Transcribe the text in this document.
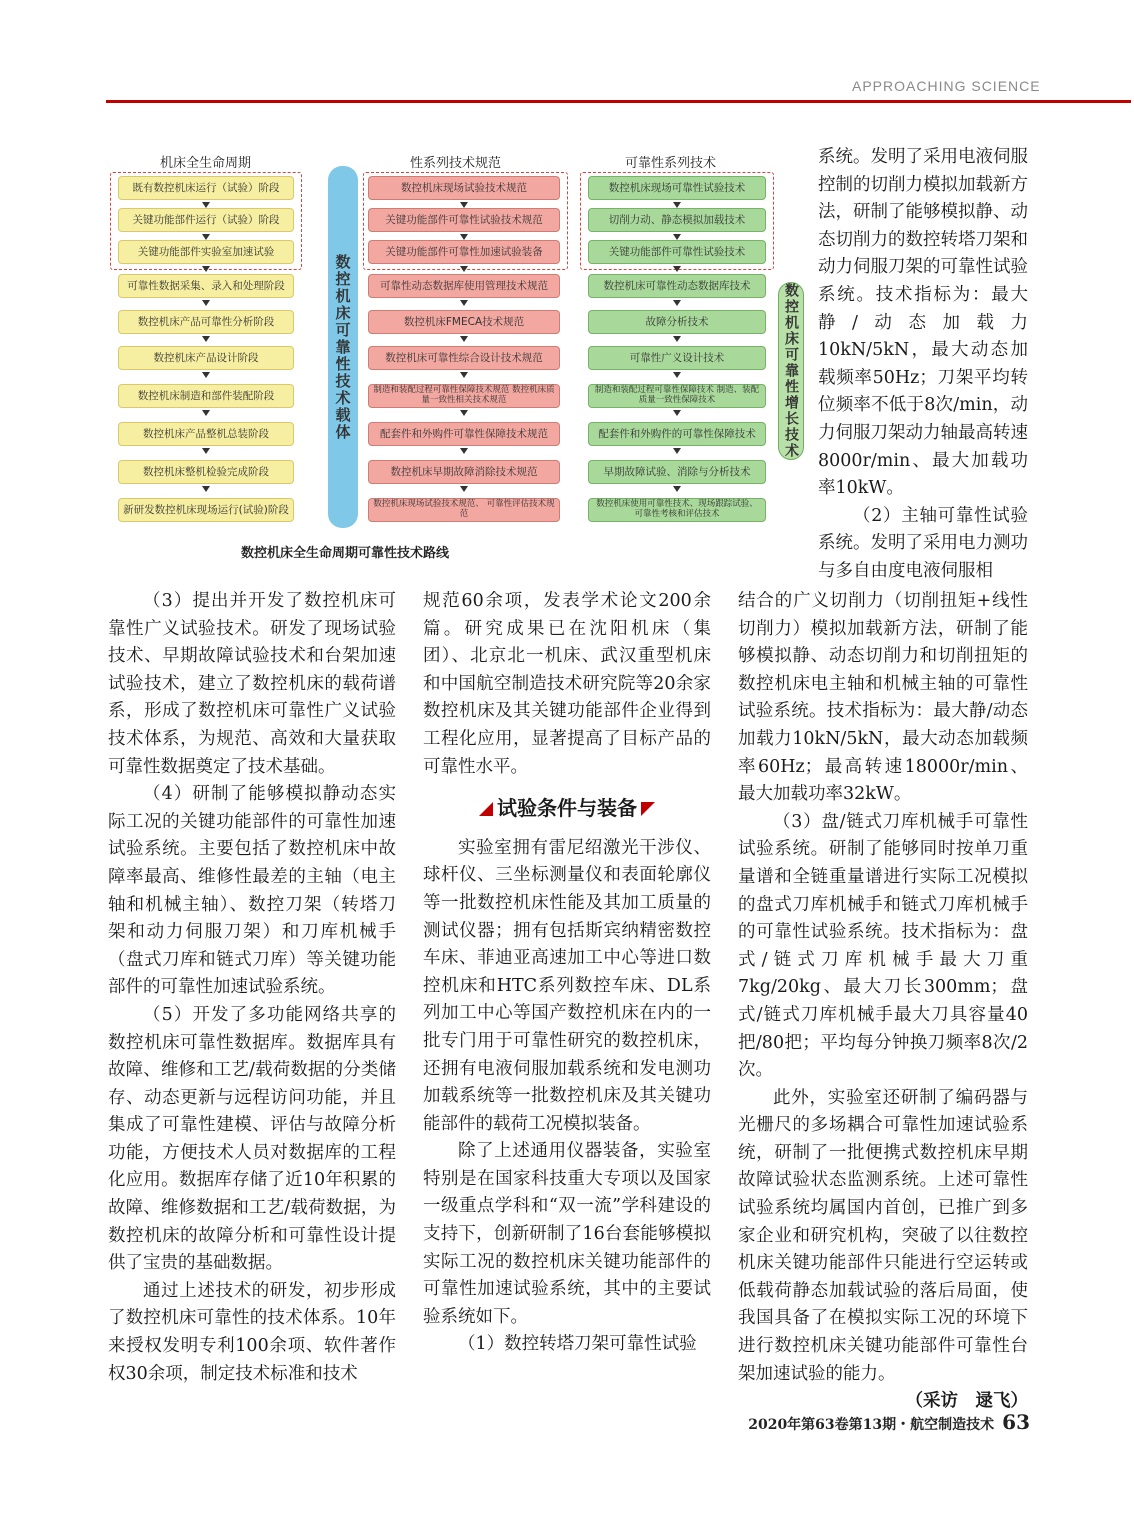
APPROACHING SCIENCE
机床全生命周期	性系列技术规范	可靠性系列技术
既有数控机床运行（试验）阶段
关键功能部件运行（试验）阶段
关键功能部件实验室加速试验
可靠性数据采集、录入和处理阶段
数控机床产品可靠性分析阶段
数控机床产品设计阶段
数控机床制造和部件装配阶段
数控机床产品整机总装阶段
数控机床整机检验完成阶段
新研发数控机床现场运行(试验)阶段
数控机床现场试验技术规范
关键功能部件可靠性试验技术规范
关键功能部件可靠性加速试验装备
可靠性动态数据库使用管理技术规范
数控机床FMECA技术规范
数控机床可靠性综合设计技术规范
制造和装配过程可靠性保障技术规范 数控机床质量一致性相关技术规范
配套件和外购件可靠性保障技术规范
数控机床早期故障消除技术规范
数控机床现场试验技术规范、 可靠性评估技术规范
数控机床现场可靠性试验技术
切削力动、静态模拟加载技术
关键功能部件可靠性试验技术
数控机床可靠性动态数据库技术
故障分析技术
可靠性广义设计技术
制造和装配过程可靠性保障技术 制造、装配质量一致性保障技术
配套件和外购件的可靠性保障技术
早期故障试验、消除与分析技术
数控机床使用可靠性技术、现场跟踪试验、 可靠性考核和评估技术
数控机床可靠性技术载体	数控机床可靠性增长技术
数控机床全生命周期可靠性技术路线

系统。发明了采用电液伺服控制的切削力模拟加载新方法，研制了能够模拟静、动态切削力的数控转塔刀架和动力伺服刀架的可靠性试验系统。技术指标为：最大静/动态加载力10kN/5kN，最大动态加载频率50Hz；刀架平均转位频率不低于8次/min，动力伺服刀架动力轴最高转速8000r/min、最大加载功率10kW。

（2）主轴可靠性试验系统。发明了采用电力测功与多自由度电液伺服相

（3）提出并开发了数控机床可靠性广义试验技术。研发了现场试验技术、早期故障试验技术和台架加速试验技术，建立了数控机床的载荷谱系，形成了数控机床可靠性广义试验技术体系，为规范、高效和大量获取可靠性数据奠定了技术基础。

（4）研制了能够模拟静动态实际工况的关键功能部件的可靠性加速试验系统。主要包括了数控机床中故障率最高、维修性最差的主轴（电主轴和机械主轴）、数控刀架（转塔刀架和动力伺服刀架）和刀库机械手（盘式刀库和链式刀库）等关键功能部件的可靠性加速试验系统。

（5）开发了多功能网络共享的数控机床可靠性数据库。数据库具有故障、维修和工艺/载荷数据的分类储存、动态更新与远程访问功能，并且集成了可靠性建模、评估与故障分析功能，方便技术人员对数据库的工程化应用。数据库存储了近10年积累的故障、维修数据和工艺/载荷数据，为数控机床的故障分析和可靠性设计提供了宝贵的基础数据。

通过上述技术的研发，初步形成了数控机床可靠性的技术体系。10年来授权发明专利100余项、软件著作权30余项，制定技术标准和技术

规范60余项，发表学术论文200余篇。研究成果已在沈阳机床（集团）、北京北一机床、武汉重型机床和中国航空制造技术研究院等20余家数控机床及其关键功能部件企业得到工程化应用，显著提高了目标产品的可靠性水平。

试验条件与装备

实验室拥有雷尼绍激光干涉仪、球杆仪、三坐标测量仪和表面轮廓仪等一批数控机床性能及其加工质量的测试仪器；拥有包括斯宾纳精密数控车床、菲迪亚高速加工中心等进口数控机床和HTC系列数控车床、DL系列加工中心等国产数控机床在内的一批专门用于可靠性研究的数控机床，还拥有电液伺服加载系统和发电测功加载系统等一批数控机床及其关键功能部件的载荷工况模拟装备。

除了上述通用仪器装备，实验室特别是在国家科技重大专项以及国家一级重点学科和“双一流”学科建设的支持下，创新研制了16台套能够模拟实际工况的数控机床关键功能部件的可靠性加速试验系统，其中的主要试验系统如下。

（1）数控转塔刀架可靠性试验

结合的广义切削力（切削扭矩+线性切削力）模拟加载新方法，研制了能够模拟静、动态切削力和切削扭矩的数控机床电主轴和机械主轴的可靠性试验系统。技术指标为：最大静/动态加载力10kN/5kN，最大动态加载频率60Hz；最高转速18000r/min、最大加载功率32kW。

（3）盘/链式刀库机械手可靠性试验系统。研制了能够同时按单刀重量谱和全链重量谱进行实际工况模拟的盘式刀库机械手和链式刀库机械手的可靠性试验系统。技术指标为：盘式/链式刀库机械手最大刀重7kg/20kg、最大刀长300mm；盘式/链式刀库机械手最大刀具容量40把/80把；平均每分钟换刀频率8次/2次。

此外，实验室还研制了编码器与光栅尺的多场耦合可靠性加速试验系统，研制了一批便携式数控机床早期故障试验状态监测系统。上述可靠性试验系统均属国内首创，已推广到多家企业和研究机构，突破了以往数控机床关键功能部件只能进行空运转或低载荷静态加载试验的落后局面，使我国具备了在模拟实际工况的环境下进行数控机床关键功能部件可靠性台架加速试验的能力。

（采访　逯飞）

2020年第63卷第13期・航空制造技术 63
